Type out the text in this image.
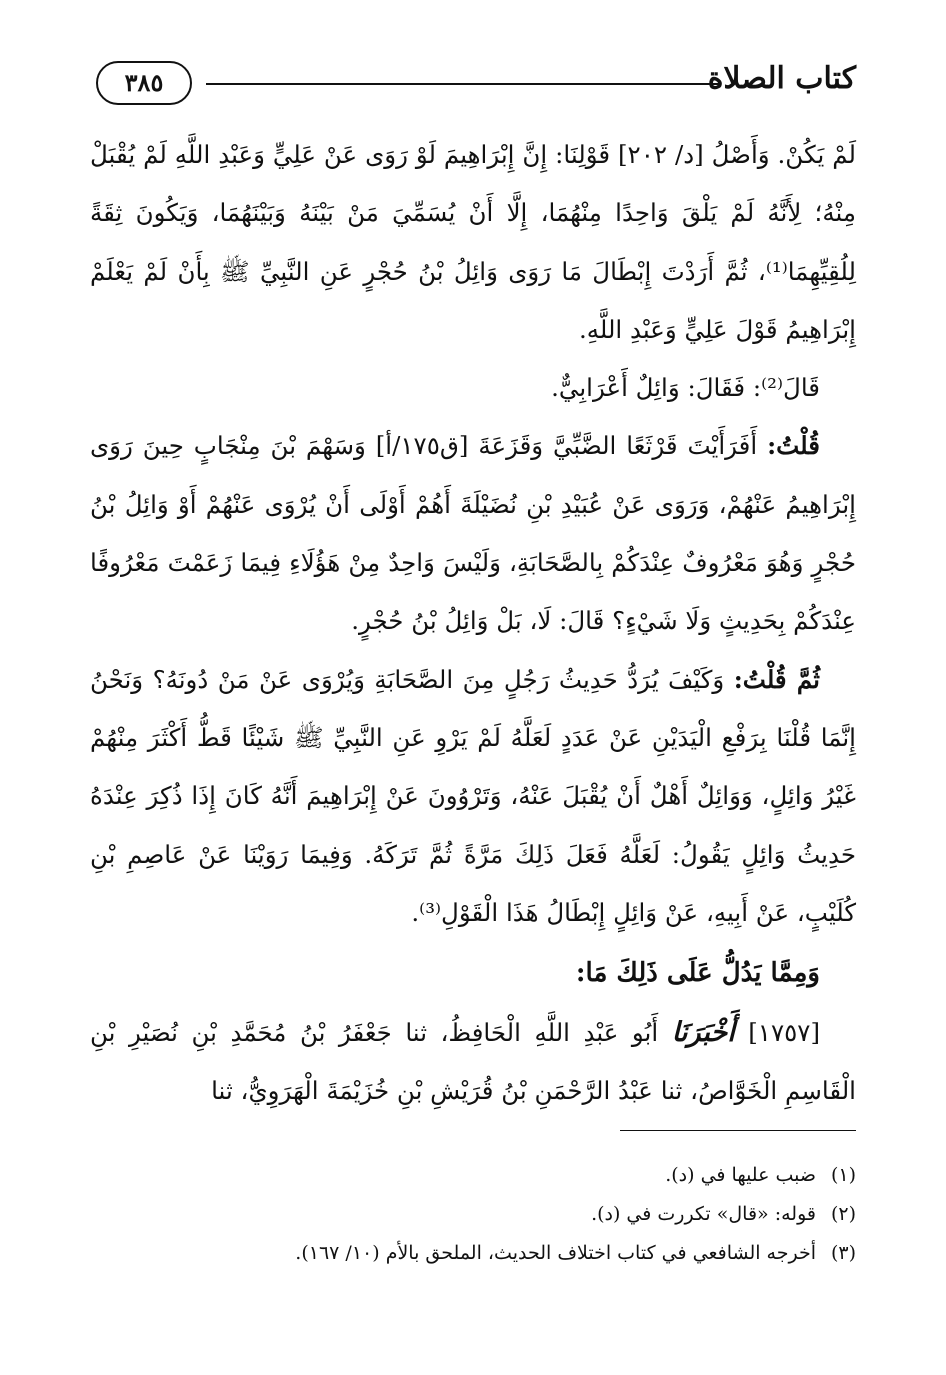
كتاب الصلاة
٣٨٥

لَمْ يَكُنْ. وَأَصْلُ [د/ ٢٠٢] قَوْلِنَا: إِنَّ إِبْرَاهِيمَ لَوْ رَوَى عَنْ عَلِيٍّ وَعَبْدِ اللَّهِ لَمْ يُقْبَلْ مِنْهُ؛ لِأَنَّهُ لَمْ يَلْقَ وَاحِدًا مِنْهُمَا، إِلَّا أَنْ يُسَمِّيَ مَنْ بَيْنَهُ وَبَيْنَهُمَا، وَيَكُونَ ثِقَةً لِلُقِيِّهِمَا⁽¹⁾، ثُمَّ أَرَدْتَ إِبْطَالَ مَا رَوَى وَائِلُ بْنُ حُجْرٍ عَنِ النَّبِيِّ ﷺ بِأَنْ لَمْ يَعْلَمْ إِبْرَاهِيمُ قَوْلَ عَلِيٍّ وَعَبْدِ اللَّهِ.

قَالَ⁽²⁾: فَقَالَ: وَائِلٌ أَعْرَابِيٌّ.

قُلْتُ: أَفَرَأَيْتَ قَرْثَعًا الضَّبِّيَّ وَقَزَعَةَ [ق١٧٥/أ] وَسَهْمَ بْنَ مِنْجَابٍ حِينَ رَوَى إِبْرَاهِيمُ عَنْهُمْ، وَرَوَى عَنْ عُبَيْدِ بْنِ نُضَيْلَةَ أَهُمْ أَوْلَى أَنْ يُرْوَى عَنْهُمْ أَوْ وَائِلُ بْنُ حُجْرٍ وَهُوَ مَعْرُوفٌ عِنْدَكُمْ بِالصَّحَابَةِ، وَلَيْسَ وَاحِدٌ مِنْ هَؤُلَاءِ فِيمَا زَعَمْتَ مَعْرُوفًا عِنْدَكُمْ بِحَدِيثٍ وَلَا شَيْءٍ؟ قَالَ: لَا، بَلْ وَائِلُ بْنُ حُجْرٍ.

ثُمَّ قُلْتُ: وَكَيْفَ يُرَدُّ حَدِيثُ رَجُلٍ مِنَ الصَّحَابَةِ وَيُرْوَى عَنْ مَنْ دُونَهُ؟ وَنَحْنُ إِنَّمَا قُلْنَا بِرَفْعِ الْيَدَيْنِ عَنْ عَدَدٍ لَعَلَّهُ لَمْ يَرْوِ عَنِ النَّبِيِّ ﷺ شَيْئًا قَطُّ أَكْثَرَ مِنْهُمْ غَيْرُ وَائِلٍ، وَوَائِلٌ أَهْلٌ أَنْ يُقْبَلَ عَنْهُ، وَتَرْوُونَ عَنْ إِبْرَاهِيمَ أَنَّهُ كَانَ إِذَا ذُكِرَ عِنْدَهُ حَدِيثُ وَائِلٍ يَقُولُ: لَعَلَّهُ فَعَلَ ذَلِكَ مَرَّةً ثُمَّ تَرَكَهُ. وَفِيمَا رَوَيْنَا عَنْ عَاصِمِ بْنِ كُلَيْبٍ، عَنْ أَبِيهِ، عَنْ وَائِلٍ إِبْطَالُ هَذَا الْقَوْلِ⁽³⁾.

وَمِمَّا يَدُلُّ عَلَى ذَلِكَ مَا:

[١٧٥٧] أَخْبَرَنَا أَبُو عَبْدِ اللَّهِ الْحَافِظُ، ثنا جَعْفَرُ بْنُ مُحَمَّدِ بْنِ نُصَيْرِ بْنِ الْقَاسِمِ الْخَوَّاصُ، ثنا عَبْدُ الرَّحْمَنِ بْنُ قُرَيْشِ بْنِ خُزَيْمَةَ الْهَرَوِيُّ، ثنا

(١)ضبب عليها في (د).

(٢)قوله: «قال» تكررت في (د).

(٣)أخرجه الشافعي في كتاب اختلاف الحديث، الملحق بالأم (١٠/ ١٦٧).
